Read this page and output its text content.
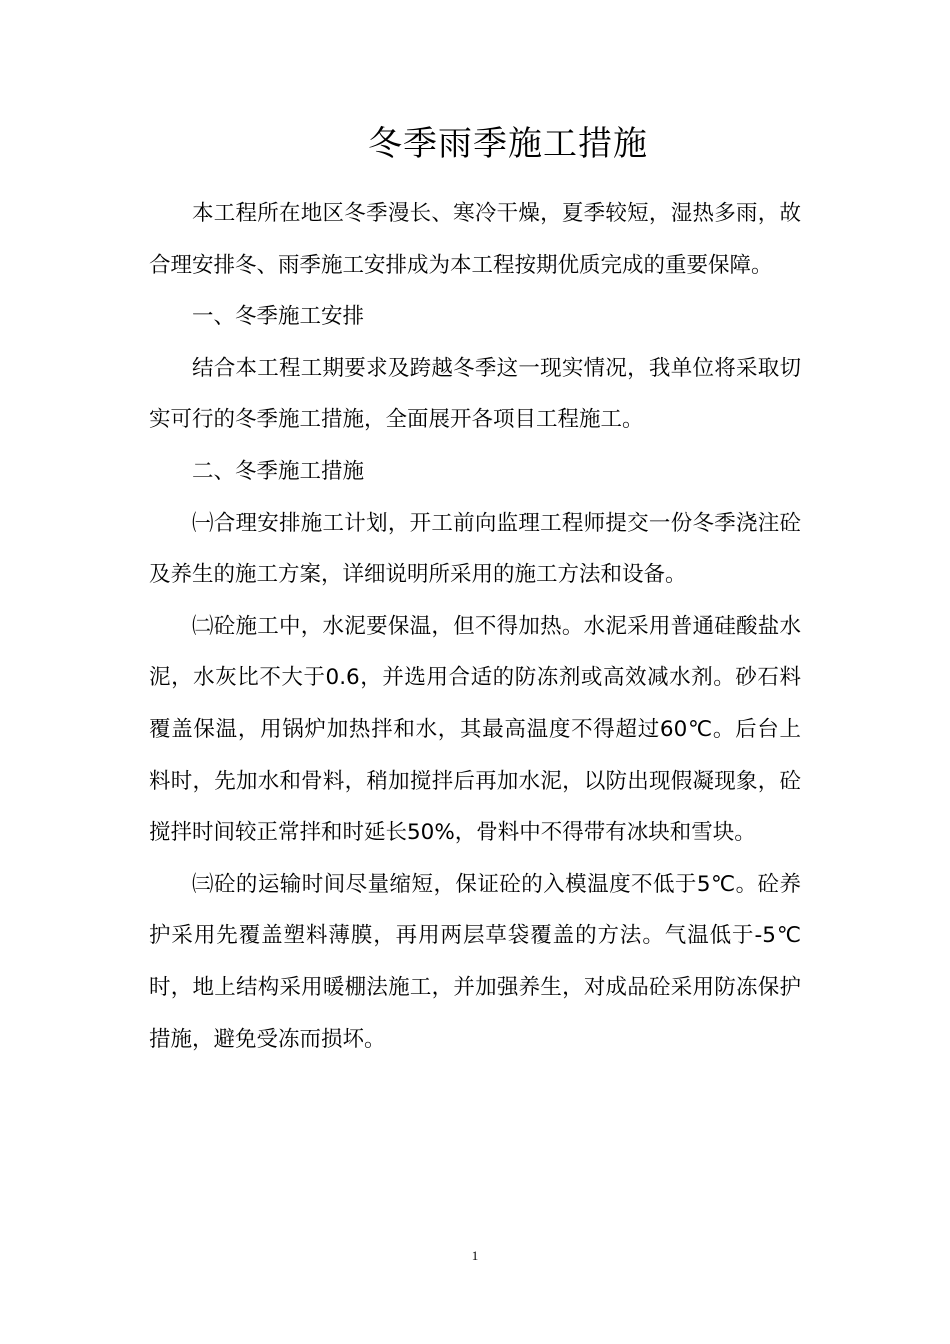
冬季雨季施工措施

本工程所在地区冬季漫长、寒冷干燥，夏季较短，湿热多雨，故合理安排冬、雨季施工安排成为本工程按期优质完成的重要保障。

一、冬季施工安排

结合本工程工期要求及跨越冬季这一现实情况，我单位将采取切实可行的冬季施工措施，全面展开各项目工程施工。

二、冬季施工措施

㈠合理安排施工计划，开工前向监理工程师提交一份冬季浇注砼及养生的施工方案，详细说明所采用的施工方法和设备。

㈡砼施工中，水泥要保温，但不得加热。水泥采用普通硅酸盐水泥，水灰比不大于0.6，并选用合适的防冻剂或高效减水剂。砂石料覆盖保温，用锅炉加热拌和水，其最高温度不得超过60℃。后台上料时，先加水和骨料，稍加搅拌后再加水泥，以防出现假凝现象，砼搅拌时间较正常拌和时延长50%，骨料中不得带有冰块和雪块。

㈢砼的运输时间尽量缩短，保证砼的入模温度不低于5℃。砼养护采用先覆盖塑料薄膜，再用两层草袋覆盖的方法。气温低于-5℃时，地上结构采用暖棚法施工，并加强养生，对成品砼采用防冻保护措施，避免受冻而损坏。

1
